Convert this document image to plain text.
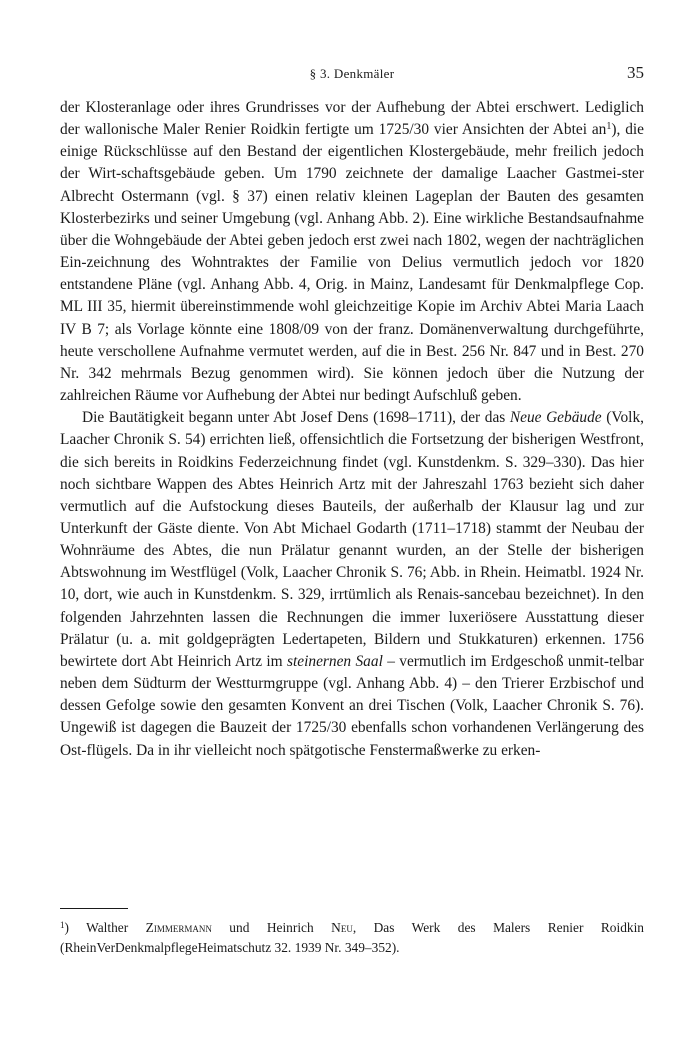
§ 3. Denkmäler	35

der Klosteranlage oder ihres Grundrisses vor der Aufhebung der Abtei erschwert. Lediglich der wallonische Maler Renier Roidkin fertigte um 1725/30 vier Ansichten der Abtei an$^1$), die einige Rückschlüsse auf den Bestand der eigentlichen Klostergebäude, mehr freilich jedoch der Wirt-schaftsgebäude geben. Um 1790 zeichnete der damalige Laacher Gastmei-ster Albrecht Ostermann (vgl. § 37) einen relativ kleinen Lageplan der Bauten des gesamten Klosterbezirks und seiner Umgebung (vgl. Anhang Abb. 2). Eine wirkliche Bestandsaufnahme über die Wohngebäude der Abtei geben jedoch erst zwei nach 1802, wegen der nachträglichen Ein-zeichnung des Wohntraktes der Familie von Delius vermutlich jedoch vor 1820 entstandene Pläne (vgl. Anhang Abb. 4, Orig. in Mainz, Landesamt für Denkmalpflege Cop. ML III 35, hiermit übereinstimmende wohl gleichzeitige Kopie im Archiv Abtei Maria Laach IV B 7; als Vorlage könnte eine 1808/09 von der franz. Domänenverwaltung durchgeführte, heute verschollene Aufnahme vermutet werden, auf die in Best. 256 Nr. 847 und in Best. 270 Nr. 342 mehrmals Bezug genommen wird). Sie können jedoch über die Nutzung der zahlreichen Räume vor Aufhebung der Abtei nur bedingt Aufschluß geben.

Die Bautätigkeit begann unter Abt Josef Dens (1698–1711), der das Neue Gebäude (Volk, Laacher Chronik S. 54) errichten ließ, offensichtlich die Fortsetzung der bisherigen Westfront, die sich bereits in Roidkins Federzeichnung findet (vgl. Kunstdenkm. S. 329–330). Das hier noch sichtbare Wappen des Abtes Heinrich Artz mit der Jahreszahl 1763 bezieht sich daher vermutlich auf die Aufstockung dieses Bauteils, der außerhalb der Klausur lag und zur Unterkunft der Gäste diente. Von Abt Michael Godarth (1711–1718) stammt der Neubau der Wohnräume des Abtes, die nun Prälatur genannt wurden, an der Stelle der bisherigen Abtswohnung im Westflügel (Volk, Laacher Chronik S. 76; Abb. in Rhein. Heimatbl. 1924 Nr. 10, dort, wie auch in Kunstdenkm. S. 329, irrtümlich als Renais-sancebau bezeichnet). In den folgenden Jahrzehnten lassen die Rechnungen die immer luxeriösere Ausstattung dieser Prälatur (u. a. mit goldgeprägten Ledertapeten, Bildern und Stukkaturen) erkennen. 1756 bewirtete dort Abt Heinrich Artz im steinernen Saal – vermutlich im Erdgeschoß unmit-telbar neben dem Südturm der Westturmgruppe (vgl. Anhang Abb. 4) – den Trierer Erzbischof und dessen Gefolge sowie den gesamten Konvent an drei Tischen (Volk, Laacher Chronik S. 76). Ungewiß ist dagegen die Bauzeit der 1725/30 ebenfalls schon vorhandenen Verlängerung des Ost-flügels. Da in ihr vielleicht noch spätgotische Fenstermaßwerke zu erken-

$^1$) Walther Zimmermann und Heinrich Neu, Das Werk des Malers Renier Roidkin (RheinVerDenkmalpflegeHeimatschutz 32. 1939 Nr. 349–352).
